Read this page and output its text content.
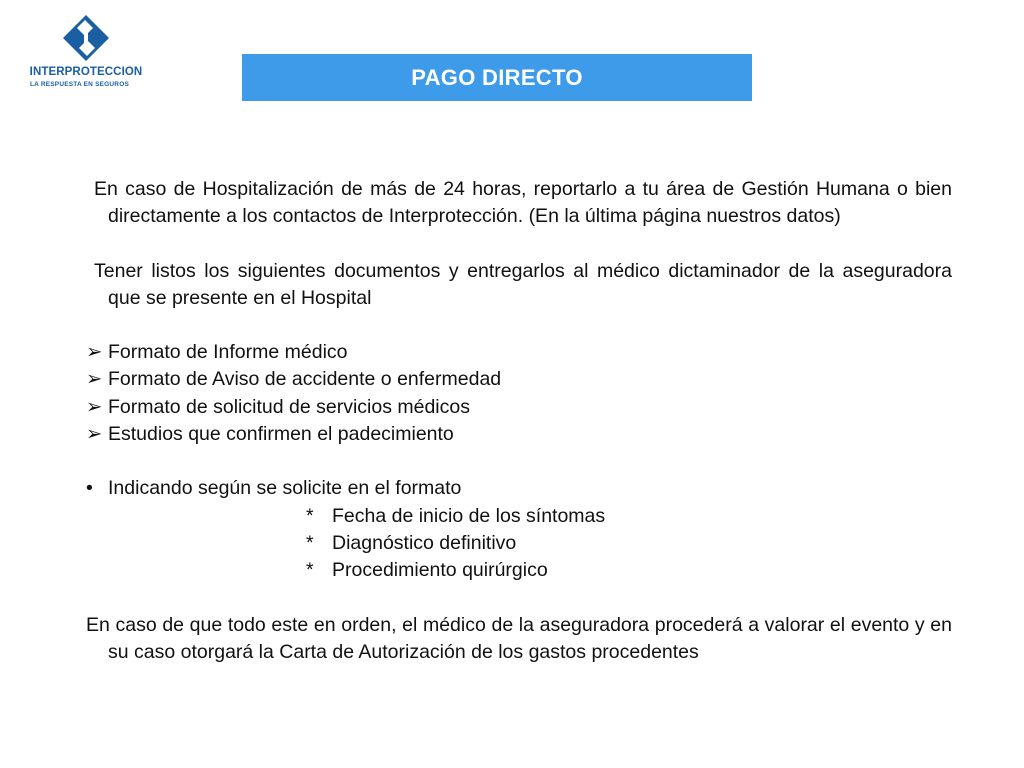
INTERPROTECCION
LA RESPUESTA EN SEGUROS	PAGO DIRECTO

En caso de Hospitalización de más de 24 horas, reportarlo a tu área de Gestión Humana o bien directamente a los contactos de Interprotección. (En la última página nuestros datos)

Tener listos los siguientes documentos y entregarlos al médico dictaminador de la aseguradora que se presente en el Hospital

➢ Formato de Informe médico
➢ Formato de Aviso de accidente o enfermedad
➢ Formato de solicitud de servicios médicos
➢ Estudios que confirmen el padecimiento
• Indicando según se solicite en el formato
* Fecha de inicio de los síntomas
* Diagnóstico definitivo
* Procedimiento quirúrgico

En caso de que todo este en orden, el médico de la aseguradora procederá a valorar el evento y en su caso otorgará la Carta de Autorización de los gastos procedentes
